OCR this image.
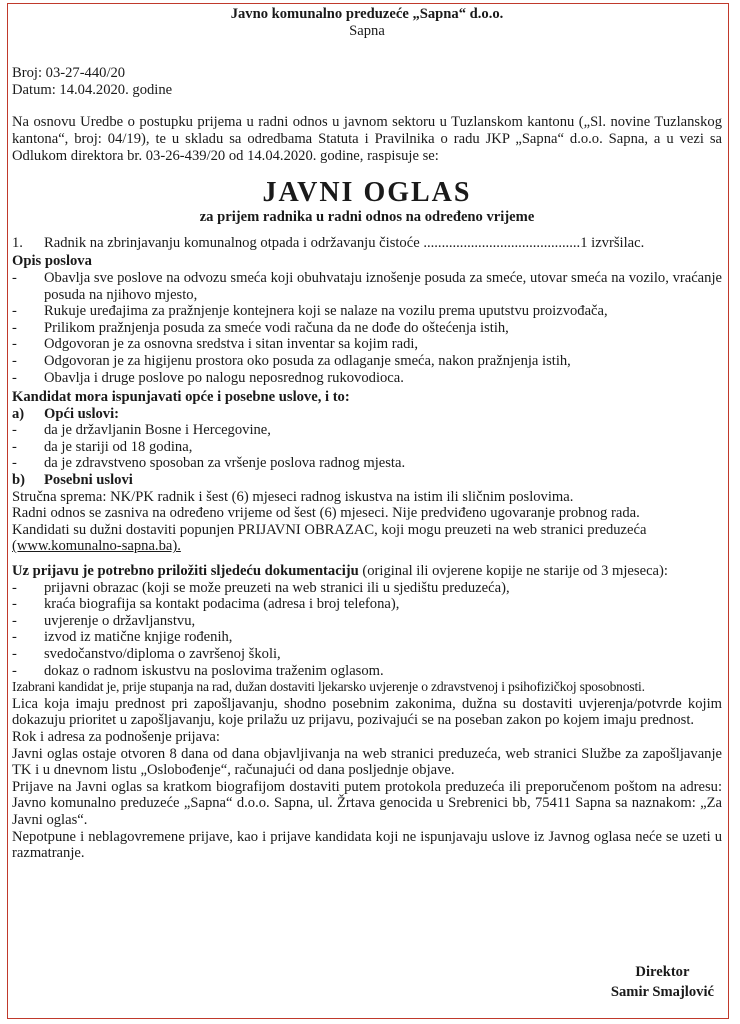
Javno komunalno preduzeće „Sapna“ d.o.o.

Sapna

Broj: 03-27-440/20

Datum: 14.04.2020. godine

Na osnovu Uredbe o postupku prijema u radni odnos u javnom sektoru u Tuzlanskom kantonu („Sl. novine Tuzlanskog kantona“, broj: 04/19), te u skladu sa odredbama Statuta i Pravilnika o radu JKP „Sapna“ d.o.o. Sapna, a u vezi sa Odlukom direktora br. 03-26-439/20 od 14.04.2020. godine, raspisuje se:

JAVNI OGLAS
za prijem radnika u radni odnos na određeno vrijeme
1.	Radnik na zbrinjavanju komunalnog otpada i održavanju čistoće ...........................................1 izvršilac.

Opis poslova

-	Obavlja sve poslove na odvozu smeća koji obuhvataju iznošenje posuda za smeće, utovar smeća na vozilo, vraćanje posuda na njihovo mjesto,
-	Rukuje uređajima za pražnjenje kontejnera koji se nalaze na vozilu prema uputstvu proizvođača,
-	Prilikom pražnjenja posuda za smeće vodi računa da ne dođe do oštećenja istih,
-	Odgovoran je za osnovna sredstva i sitan inventar sa kojim radi,
-	Odgovoran je za higijenu prostora oko posuda za odlaganje smeća, nakon pražnjenja istih,
-	Obavlja i druge poslove po nalogu neposrednog rukovodioca.

Kandidat mora ispunjavati opće i posebne uslove, i to:

a)	Opći uslovi:
-	da je državljanin Bosne i Hercegovine,
-	da je stariji od 18 godina,
-	da je zdravstveno sposoban za vršenje poslova radnog mjesta.
b)	Posebni uslovi

Stručna sprema: NK/PK radnik i šest (6) mjeseci radnog iskustva na istim ili sličnim poslovima.

Radni odnos se zasniva na određeno vrijeme od šest (6) mjeseci. Nije predviđeno ugovaranje probnog rada.

Kandidati su dužni dostaviti popunjen PRIJAVNI OBRAZAC, koji mogu preuzeti na web stranici preduzeća

(www.komunalno-sapna.ba).

Uz prijavu je potrebno priložiti sljedeću dokumentaciju (original ili ovjerene kopije ne starije od 3 mjeseca):

-	prijavni obrazac (koji se može preuzeti na web stranici ili u sjedištu preduzeća),
-	kraća biografija sa kontakt podacima (adresa i broj telefona),
-	uvjerenje o državljanstvu,
-	izvod iz matične knjige rođenih,
-	svedočanstvo/diploma o završenoj školi,
-	dokaz o radnom iskustvu na poslovima traženim oglasom.

Izabrani kandidat je, prije stupanja na rad, dužan dostaviti ljekarsko uvjerenje o zdravstvenoj i psihofizičkoj sposobnosti.

Lica koja imaju prednost pri zapošljavanju, shodno posebnim zakonima, dužna su dostaviti uvjerenja/potvrde kojim dokazuju prioritet u zapošljavanju, koje prilažu uz prijavu, pozivajući se na poseban zakon po kojem imaju prednost.

Rok i adresa za podnošenje prijava:

Javni oglas ostaje otvoren 8 dana od dana objavljivanja na web stranici preduzeća, web stranici Službe za zapošljavanje TK i u dnevnom listu „Oslobođenje“, računajući od dana posljednje objave.

Prijave na Javni oglas sa kratkom biografijom dostaviti putem protokola preduzeća ili preporučenom poštom na adresu: Javno komunalno preduzeće „Sapna“ d.o.o. Sapna, ul. Žrtava genocida u Srebrenici bb, 75411 Sapna sa naznakom: „Za Javni oglas“.

Nepotpune i neblagovremene prijave, kao i prijave kandidata koji ne ispunjavaju uslove iz Javnog oglasa neće se uzeti u razmatranje.

Direktor
Samir Smajlović
